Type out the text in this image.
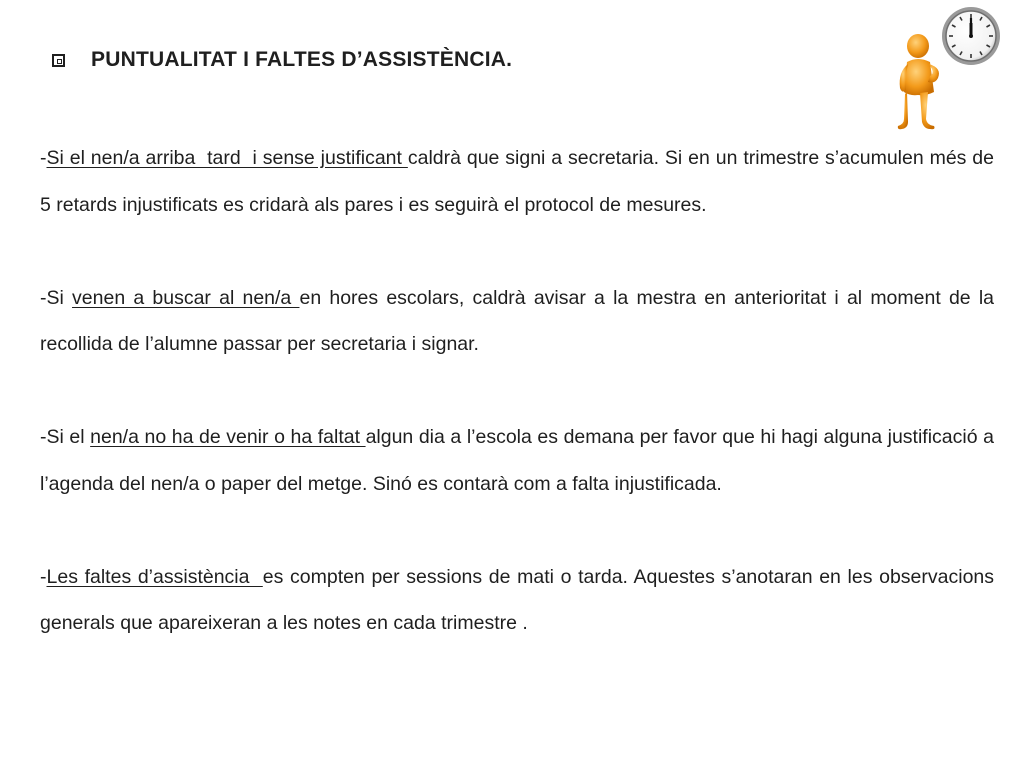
PUNTUALITAT I FALTES D’ASSISTÈNCIA.

-Si el nen/a arriba  tard  i sense justificant caldrà que signi a secretaria. Si en un trimestre s’acumulen més de 5 retards injustificats es cridarà als pares i es seguirà el protocol de mesures.

-Si venen a buscar al nen/a en hores escolars, caldrà avisar a la mestra en anterioritat i al moment de la recollida de l’alumne passar per secretaria i signar.

-Si el nen/a no ha de venir o ha faltat algun dia a l’escola es demana per favor que hi hagi alguna justificació a l’agenda del nen/a o paper del metge. Sinó es contarà com a falta injustificada.

-Les faltes d’assistència  es compten per sessions de mati o tarda. Aquestes s’anotaran en les observacions generals que apareixeran a les notes en cada trimestre .
